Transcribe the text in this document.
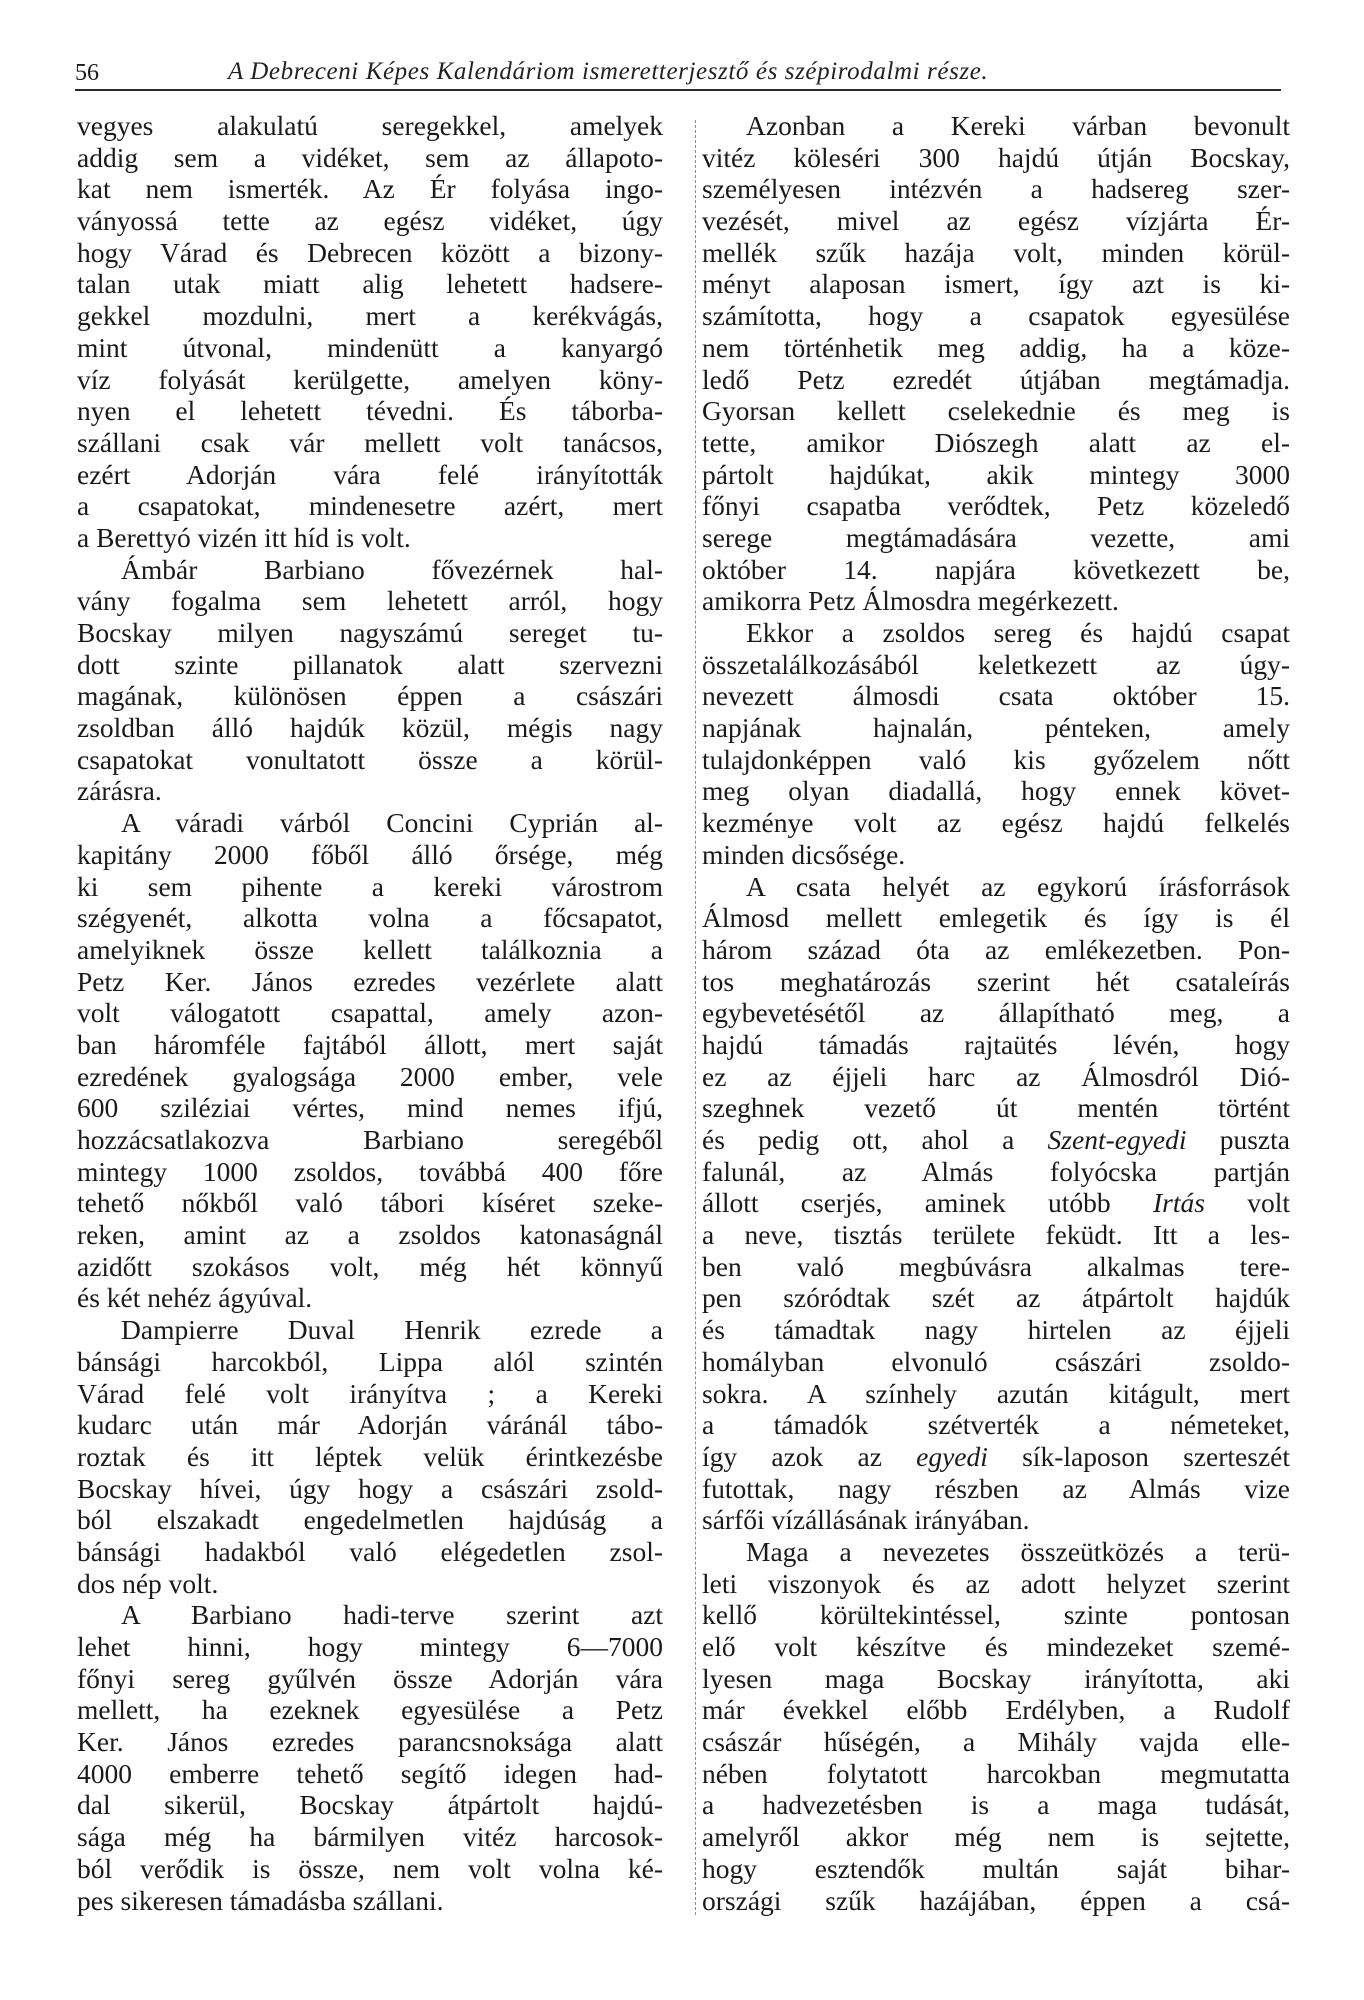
56	A Debreceni Képes Kalendáriom ismeretterjesztő és szépirodalmi része.
vegyes alakulatú seregekkel, amelyek
addig sem a vidéket, sem az állapoto-
kat nem ismerték. Az Ér folyása ingo-
ványossá tette az egész vidéket, úgy
hogy Várad és Debrecen között a bizony-
talan utak miatt alig lehetett hadsere-
gekkel mozdulni, mert a kerékvágás,
mint útvonal, mindenütt a kanyargó
víz folyását kerülgette, amelyen köny-
nyen el lehetett tévedni. És táborba-
szállani csak vár mellett volt tanácsos,
ezért Adorján vára felé irányították
a csapatokat, mindenesetre azért, mert
a Berettyó vizén itt híd is volt.
Ámbár Barbiano fővezérnek hal-
vány fogalma sem lehetett arról, hogy
Bocskay milyen nagyszámú sereget tu-
dott szinte pillanatok alatt szervezni
magának, különösen éppen a császári
zsoldban álló hajdúk közül, mégis nagy
csapatokat vonultatott össze a körül-
zárásra.
A váradi várból Concini Cyprián al-
kapitány 2000 főből álló őrsége, még
ki sem pihente a kereki várostrom
szégyenét, alkotta volna a főcsapatot,
amelyiknek össze kellett találkoznia a
Petz Ker. János ezredes vezérlete alatt
volt válogatott csapattal, amely azon-
ban háromféle fajtából állott, mert saját
ezredének gyalogsága 2000 ember, vele
600 sziléziai vértes, mind nemes ifjú,
hozzácsatlakozva Barbiano seregéből
mintegy 1000 zsoldos, továbbá 400 főre
tehető nőkből való tábori kíséret szeke-
reken, amint az a zsoldos katonaságnál
azidőtt szokásos volt, még hét könnyű
és két nehéz ágyúval.
Dampierre Duval Henrik ezrede a
bánsági harcokból, Lippa alól szintén
Várad felé volt irányítva ; a Kereki
kudarc után már Adorján váránál tábo-
roztak és itt léptek velük érintkezésbe
Bocskay hívei, úgy hogy a császári zsold-
ból elszakadt engedelmetlen hajdúság a
bánsági hadakból való elégedetlen zsol-
dos nép volt.
A Barbiano hadi-terve szerint azt
lehet hinni, hogy mintegy 6—7000
főnyi sereg gyűlvén össze Adorján vára
mellett, ha ezeknek egyesülése a Petz
Ker. János ezredes parancsnoksága alatt
4000 emberre tehető segítő idegen had-
dal sikerül, Bocskay átpártolt hajdú-
sága még ha bármilyen vitéz harcosok-
ból verődik is össze, nem volt volna ké-
pes sikeresen támadásba szállani.
Azonban a Kereki várban bevonult
vitéz köleséri 300 hajdú útján Bocskay,
személyesen intézvén a hadsereg szer-
vezését, mivel az egész vízjárta Ér-
mellék szűk hazája volt, minden körül-
ményt alaposan ismert, így azt is ki-
számította, hogy a csapatok egyesülése
nem történhetik meg addig, ha a köze-
ledő Petz ezredét útjában megtámadja.
Gyorsan kellett cselekednie és meg is
tette, amikor Diószegh alatt az el-
pártolt hajdúkat, akik mintegy 3000
főnyi csapatba verődtek, Petz közeledő
serege megtámadására vezette, ami
október 14. napjára következett be,
amikorra Petz Álmosdra megérkezett.
Ekkor a zsoldos sereg és hajdú csapat
összetalálkozásából keletkezett az úgy-
nevezett álmosdi csata október 15.
napjának hajnalán, pénteken, amely
tulajdonképpen való kis győzelem nőtt
meg olyan diadallá, hogy ennek követ-
kezménye volt az egész hajdú felkelés
minden dicsősége.
A csata helyét az egykorú írásforrások
Álmosd mellett emlegetik és így is él
három század óta az emlékezetben. Pon-
tos meghatározás szerint hét csataleírás
egybevetésétől az állapítható meg, a
hajdú támadás rajtaütés lévén, hogy
ez az éjjeli harc az Álmosdról Dió-
szeghnek vezető út mentén történt
és pedig ott, ahol a Szent-egyedi puszta
falunál, az Almás folyócska partján
állott cserjés, aminek utóbb Irtás volt
a neve, tisztás területe feküdt. Itt a les-
ben való megbúvásra alkalmas tere-
pen szóródtak szét az átpártolt hajdúk
és támadtak nagy hirtelen az éjjeli
homályban elvonuló császári zsoldo-
sokra. A színhely azután kitágult, mert
a támadók szétverték a németeket,
így azok az egyedi sík-laposon szerteszét
futottak, nagy részben az Almás vize
sárfői vízállásának irányában.
Maga a nevezetes összeütközés a terü-
leti viszonyok és az adott helyzet szerint
kellő körültekintéssel, szinte pontosan
elő volt készítve és mindezeket szemé-
lyesen maga Bocskay irányította, aki
már évekkel előbb Erdélyben, a Rudolf
császár hűségén, a Mihály vajda elle-
nében folytatott harcokban megmutatta
a hadvezetésben is a maga tudását,
amelyről akkor még nem is sejtette,
hogy esztendők multán saját bihar-
országi szűk hazájában, éppen a csá-
